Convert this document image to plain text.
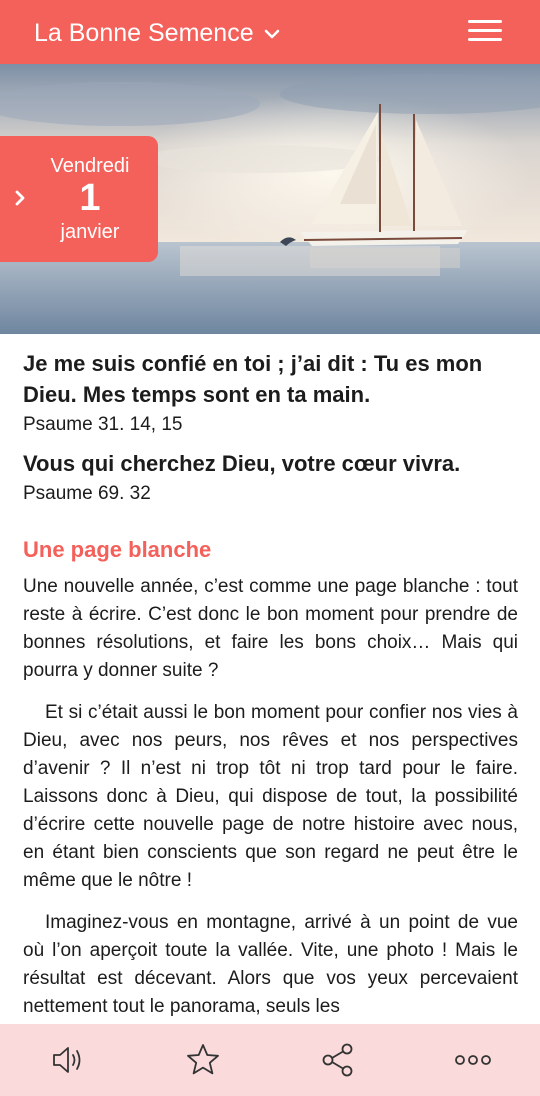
La Bonne Semence
Vendredi
1
janvier

Je me suis confié en toi ; j’ai dit : Tu es mon Dieu. Mes temps sont en ta main.

Psaume 31. 14, 15

Vous qui cherchez Dieu, votre cœur vivra.

Psaume 69. 32

Une page blanche

Une nouvelle année, c’est comme une page blanche : tout reste à écrire. C’est donc le bon moment pour prendre de bonnes résolutions, et faire les bons choix… Mais qui pourra y donner suite ?

Et si c’était aussi le bon moment pour confier nos vies à Dieu, avec nos peurs, nos rêves et nos perspectives d’avenir ? Il n’est ni trop tôt ni trop tard pour le faire. Laissons donc à Dieu, qui dispose de tout, la possibilité d’écrire cette nouvelle page de notre histoire avec nous, en étant bien conscients que son regard ne peut être le même que le nôtre !

Imaginez-vous en montagne, arrivé à un point de vue où l’on aperçoit toute la vallée. Vite, une photo ! Mais le résultat est décevant. Alors que vos yeux percevaient nettement tout le panorama, seuls les
